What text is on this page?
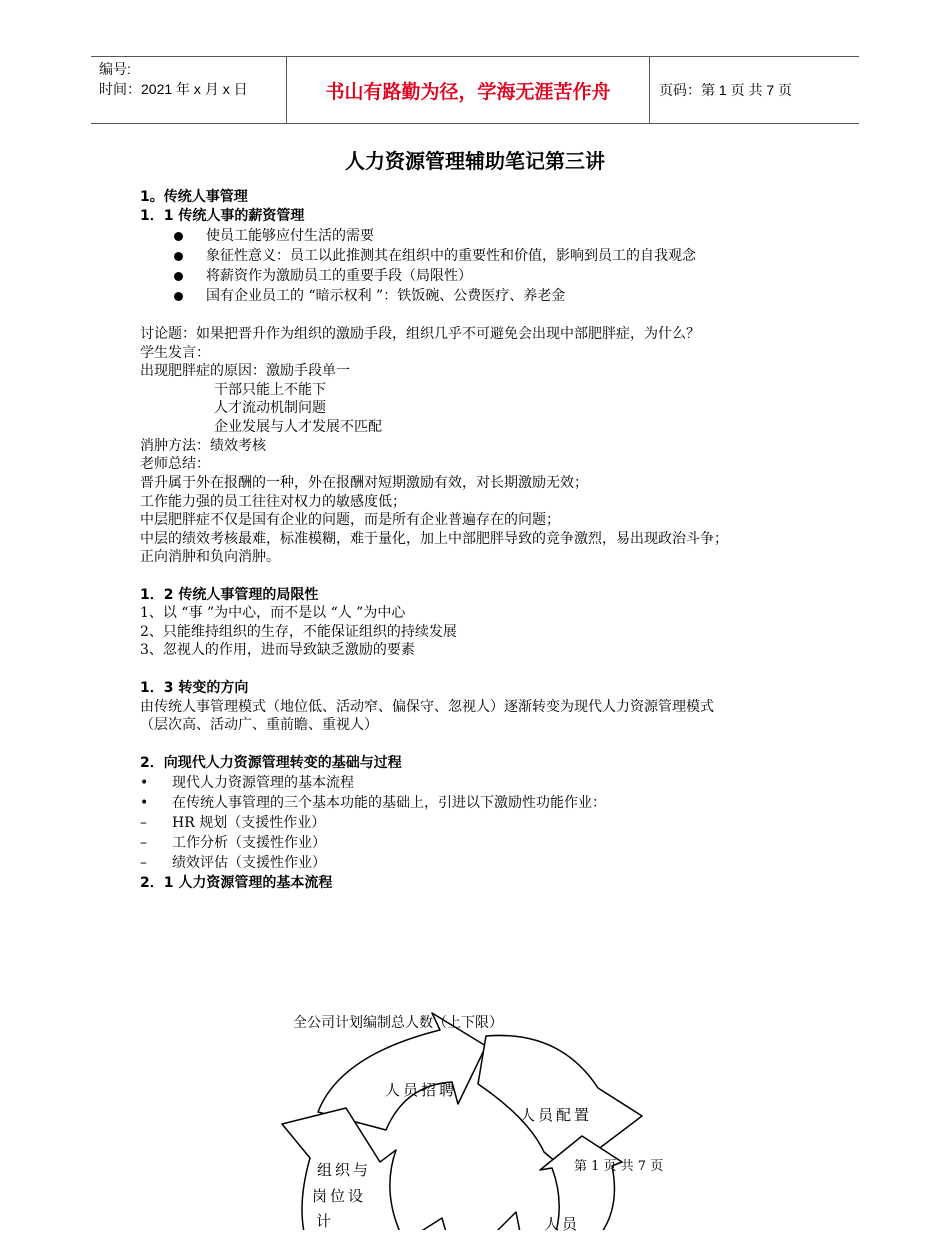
编号:
时间：2021 年 x 月 x 日	书山有路勤为径，学海无涯苦作舟	页码：第 1 页 共 7 页
人力资源管理辅助笔记第三讲
1。传统人事管理
1．1 传统人事的薪资管理
使员工能够应付生活的需要
象征性意义：员工以此推测其在组织中的重要性和价值，影响到员工的自我观念
将薪资作为激励员工的重要手段（局限性）
国有企业员工的 “暗示权利 ”：铁饭碗、公费医疗、养老金
讨论题：如果把晋升作为组织的激励手段，组织几乎不可避免会出现中部肥胖症，为什么？
学生发言：
出现肥胖症的原因：激励手段单一
干部只能上不能下
人才流动机制问题
企业发展与人才发展不匹配
消肿方法：绩效考核
老师总结：
晋升属于外在报酬的一种，外在报酬对短期激励有效，对长期激励无效；
工作能力强的员工往往对权力的敏感度低；
中层肥胖症不仅是国有企业的问题，而是所有企业普遍存在的问题；
中层的绩效考核最难，标准模糊，难于量化，加上中部肥胖导致的竞争激烈，易出现政治斗争；
正向消肿和负向消肿。
1．2 传统人事管理的局限性
1、以 “事 ”为中心，而不是以 “人 ”为中心
2、只能维持组织的生存，不能保证组织的持续发展
3、忽视人的作用，进而导致缺乏激励的要素
1．3 转变的方向
由传统人事管理模式（地位低、活动窄、偏保守、忽视人）逐渐转变为现代人力资源管理模式
（层次高、活动广、重前瞻、重视人）
2．向现代人力资源管理转变的基础与过程
• 现代人力资源管理的基本流程
• 在传统人事管理的三个基本功能的基础上，引进以下激励性功能作业：
– HR 规划（支援性作业）
– 工作分析（支援性作业）
– 绩效评估（支援性作业）
2．1 人力资源管理的基本流程
全公司计划编制总人数（上下限）
人员招聘
人员配置
组织与
岗位设
计	人员
第 1 页 共 7 页
